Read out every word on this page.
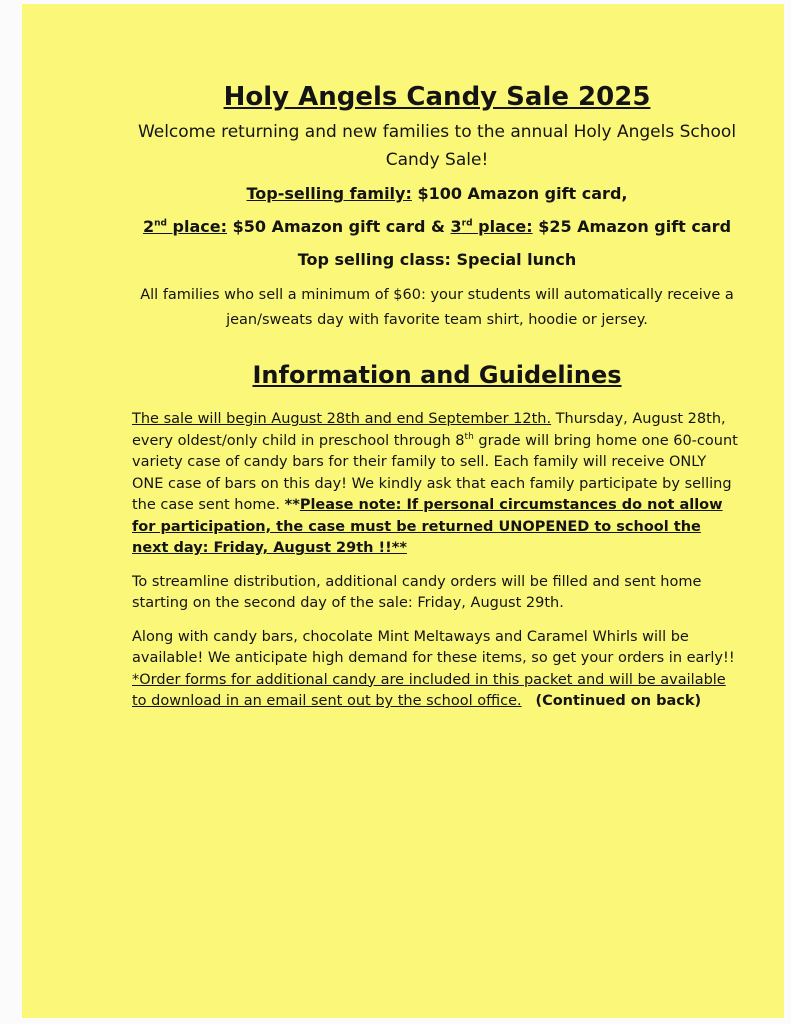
Holy Angels Candy Sale 2025

Welcome returning and new families to the annual Holy Angels School Candy Sale!

Top-selling family: $100 Amazon gift card,

2nd place: $50 Amazon gift card & 3rd place: $25 Amazon gift card

Top selling class: Special lunch

All families who sell a minimum of $60: your students will automatically receive a jean/sweats day with favorite team shirt, hoodie or jersey.

Information and Guidelines

The sale will begin August 28th and end September 12th. Thursday, August 28th, every oldest/only child in preschool through 8th grade will bring home one 60-count variety case of candy bars for their family to sell. Each family will receive ONLY ONE case of bars on this day! We kindly ask that each family participate by selling the case sent home. **Please note: If personal circumstances do not allow for participation, the case must be returned UNOPENED to school the next day: Friday, August 29th !!**

To streamline distribution, additional candy orders will be filled and sent home starting on the second day of the sale: Friday, August 29th.

Along with candy bars, chocolate Mint Meltaways and Caramel Whirls will be available! We anticipate high demand for these items, so get your orders in early!! *Order forms for additional candy are included in this packet and will be available to download in an email sent out by the school office. (Continued on back)
